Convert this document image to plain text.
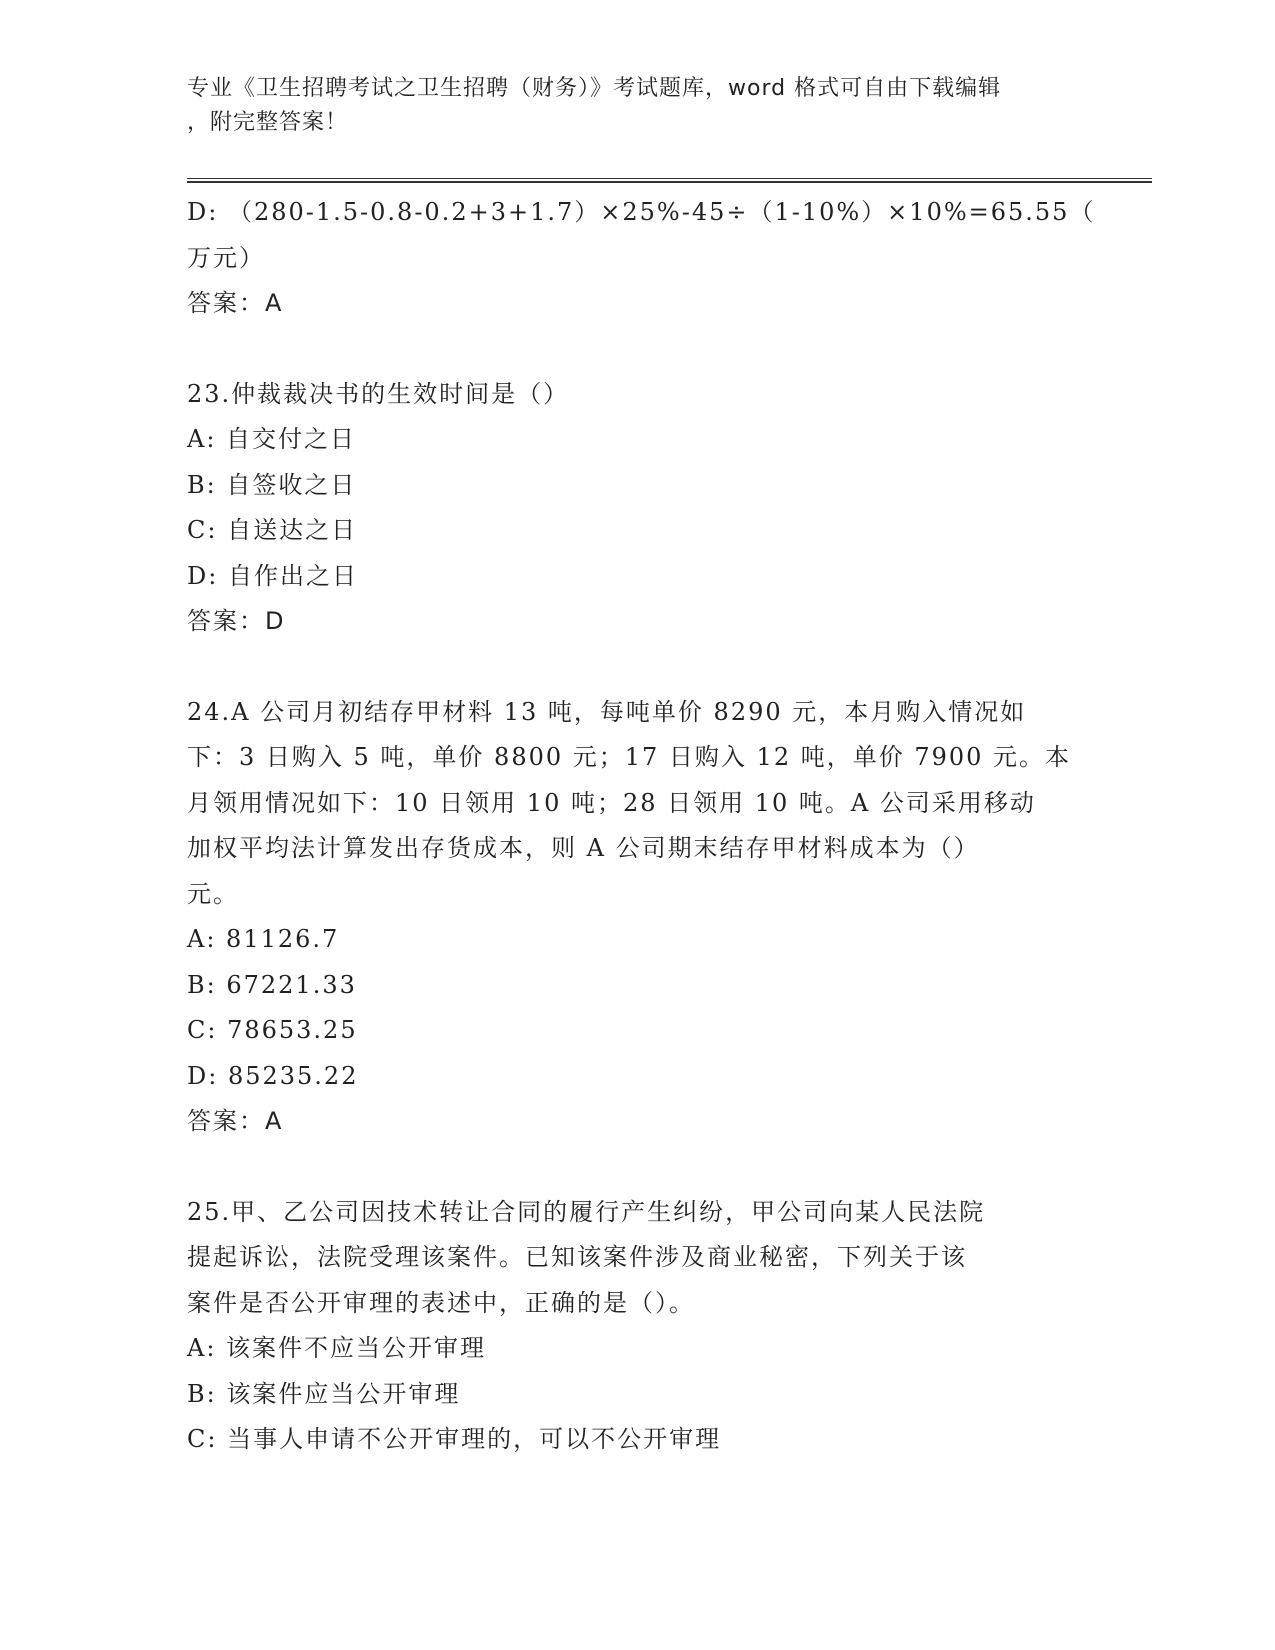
专业《卫生招聘考试之卫生招聘（财务）》考试题库，word 格式可自由下载编辑
，附完整答案！
D: （280-1.5-0.8-0.2+3+1.7）×25%-45÷（1-10%）×10%=65.55（
万元）
答案：A
23.仲裁裁决书的生效时间是（）
A: 自交付之日
B: 自签收之日
C: 自送达之日
D: 自作出之日
答案：D
24.A 公司月初结存甲材料 13 吨，每吨单价 8290 元，本月购入情况如
下：3 日购入 5 吨，单价 8800 元；17 日购入 12 吨，单价 7900 元。本
月领用情况如下：10 日领用 10 吨；28 日领用 10 吨。A 公司采用移动
加权平均法计算发出存货成本，则 A 公司期末结存甲材料成本为（）
元。
A: 81126.7
B: 67221.33
C: 78653.25
D: 85235.22
答案：A
25.甲、乙公司因技术转让合同的履行产生纠纷，甲公司向某人民法院
提起诉讼，法院受理该案件。已知该案件涉及商业秘密，下列关于该
案件是否公开审理的表述中，正确的是（）。
A: 该案件不应当公开审理
B: 该案件应当公开审理
C: 当事人申请不公开审理的，可以不公开审理
